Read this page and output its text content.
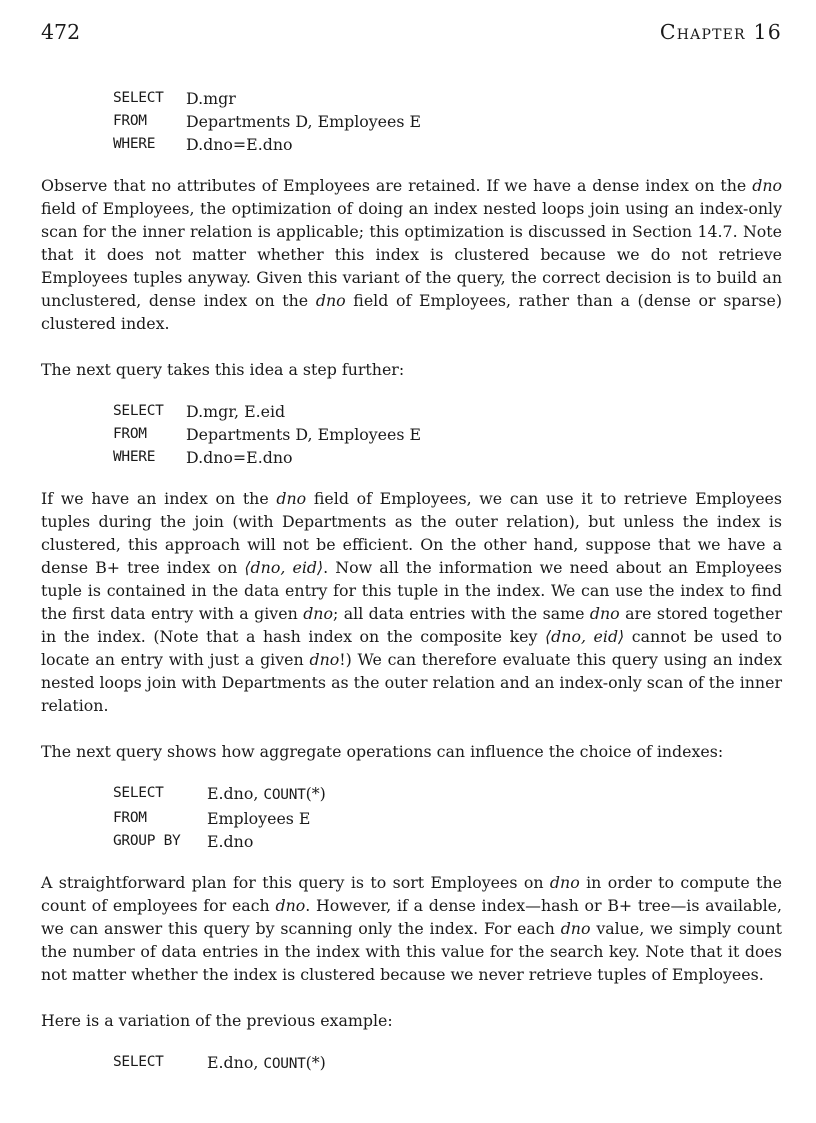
472	Chapter 16
SELECT	D.mgr
FROM	Departments D, Employees E
WHERE	D.dno=E.dno

Observe that no attributes of Employees are retained. If we have a dense index on the dno field of Employees, the optimization of doing an index nested loops join using an index-only scan for the inner relation is applicable; this optimization is discussed in Section 14.7. Note that it does not matter whether this index is clustered because we do not retrieve Employees tuples anyway. Given this variant of the query, the correct decision is to build an unclustered, dense index on the dno field of Employees, rather than a (dense or sparse) clustered index.

The next query takes this idea a step further:

SELECT	D.mgr, E.eid
FROM	Departments D, Employees E
WHERE	D.dno=E.dno

If we have an index on the dno field of Employees, we can use it to retrieve Employees tuples during the join (with Departments as the outer relation), but unless the index is clustered, this approach will not be efficient. On the other hand, suppose that we have a dense B+ tree index on ⟨dno, eid⟩. Now all the information we need about an Employees tuple is contained in the data entry for this tuple in the index. We can use the index to find the first data entry with a given dno; all data entries with the same dno are stored together in the index. (Note that a hash index on the composite key ⟨dno, eid⟩ cannot be used to locate an entry with just a given dno!) We can therefore evaluate this query using an index nested loops join with Departments as the outer relation and an index-only scan of the inner relation.

The next query shows how aggregate operations can influence the choice of indexes:

SELECT	E.dno, COUNT(*)
FROM	Employees E
GROUP BY	E.dno

A straightforward plan for this query is to sort Employees on dno in order to compute the count of employees for each dno. However, if a dense index—hash or B+ tree—is available, we can answer this query by scanning only the index. For each dno value, we simply count the number of data entries in the index with this value for the search key. Note that it does not matter whether the index is clustered because we never retrieve tuples of Employees.

Here is a variation of the previous example:

SELECT	E.dno, COUNT(*)
